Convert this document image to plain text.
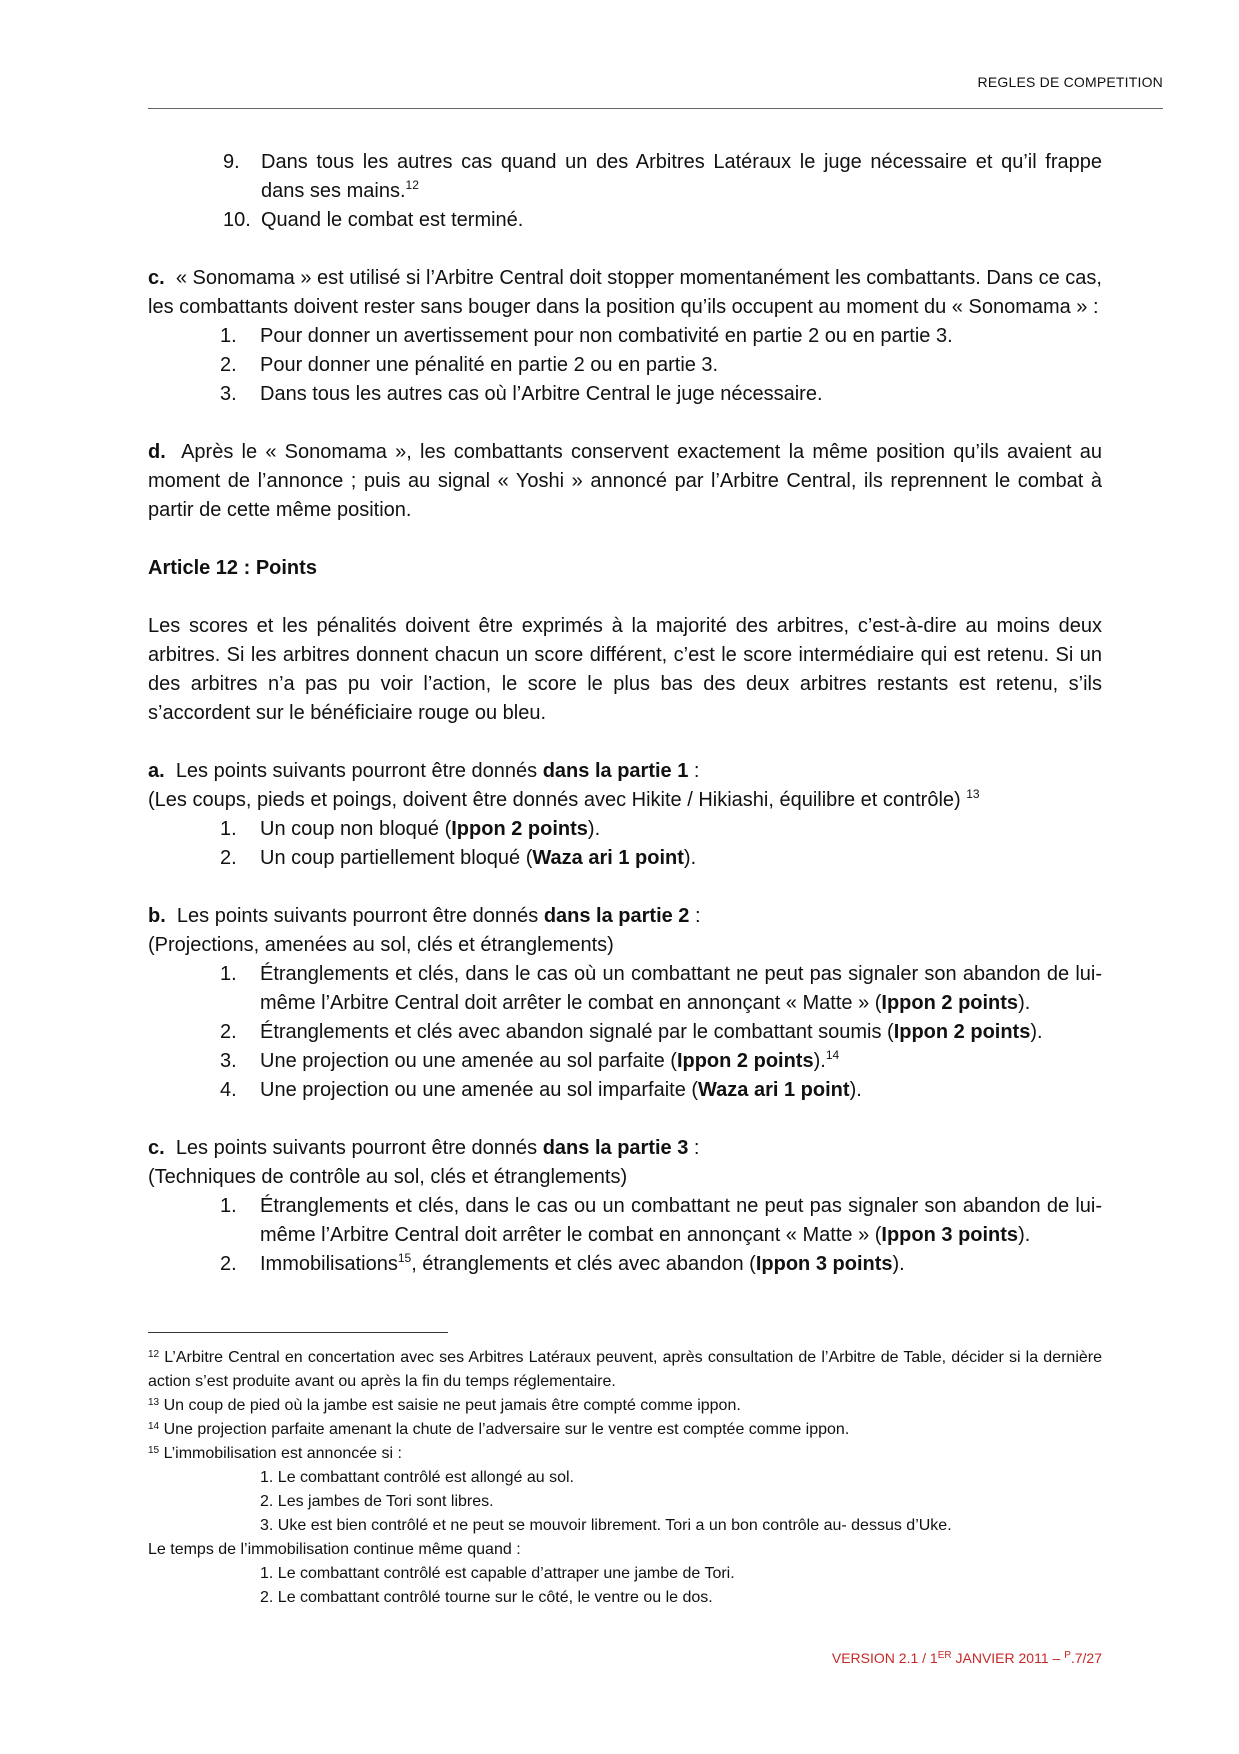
REGLES DE COMPETITION
9.	Dans tous les autres cas quand un des Arbitres Latéraux le juge nécessaire et qu’il frappe dans ses mains.$^{12}$
10. Quand le combat est terminé.

c. « Sonomama » est utilisé si l’Arbitre Central doit stopper momentanément les combattants. Dans ce cas, les combattants doivent rester sans bouger dans la position qu’ils occupent au moment du « Sonomama » :

1.	Pour donner un avertissement pour non combativité en partie 2 ou en partie 3.
2.	Pour donner une pénalité en partie 2 ou en partie 3.
3.	Dans tous les autres cas où l’Arbitre Central le juge nécessaire.

d. Après le « Sonomama », les combattants conservent exactement la même position qu’ils avaient au moment de l’annonce ; puis au signal « Yoshi » annoncé par l’Arbitre Central, ils reprennent le combat à partir de cette même position.

Article 12 : Points

Les scores et les pénalités doivent être exprimés à la majorité des arbitres, c’est-à-dire au moins deux arbitres. Si les arbitres donnent chacun un score différent, c’est le score intermédiaire qui est retenu. Si un des arbitres n’a pas pu voir l’action, le score le plus bas des deux arbitres restants est retenu, s’ils s’accordent sur le bénéficiaire rouge ou bleu.

a. Les points suivants pourront être donnés dans la partie 1 :

(Les coups, pieds et poings, doivent être donnés avec Hikite / Hikiashi, équilibre et contrôle) $^{13}$

1.	Un coup non bloqué (Ippon 2 points).
2.	Un coup partiellement bloqué (Waza ari 1 point).

b. Les points suivants pourront être donnés dans la partie 2 :

(Projections, amenées au sol, clés et étranglements)

1.	Étranglements et clés, dans le cas où un combattant ne peut pas signaler son abandon de lui-même l’Arbitre Central doit arrêter le combat en annonçant « Matte » (Ippon 2 points).
2.	Étranglements et clés avec abandon signalé par le combattant soumis (Ippon 2 points).
3.	Une projection ou une amenée au sol parfaite (Ippon 2 points).$^{14}$
4.	Une projection ou une amenée au sol imparfaite (Waza ari 1 point).

c. Les points suivants pourront être donnés dans la partie 3 :

(Techniques de contrôle au sol, clés et étranglements)

1.	Étranglements et clés, dans le cas ou un combattant ne peut pas signaler son abandon de lui-même l’Arbitre Central doit arrêter le combat en annonçant « Matte » (Ippon 3 points).
2.	Immobilisations$^{15}$, étranglements et clés avec abandon (Ippon 3 points).

$^{12}$ L’Arbitre Central en concertation avec ses Arbitres Latéraux peuvent, après consultation de l’Arbitre de Table, décider si la dernière action s’est produite avant ou après la fin du temps réglementaire.

$^{13}$ Un coup de pied où la jambe est saisie ne peut jamais être compté comme ippon.

$^{14}$ Une projection parfaite amenant la chute de l’adversaire sur le ventre est comptée comme ippon.

$^{15}$ L’immobilisation est annoncée si :

1. Le combattant contrôlé est allongé au sol.

2. Les jambes de Tori sont libres.

3. Uke est bien contrôlé et ne peut se mouvoir librement. Tori a un bon contrôle au- dessus d’Uke.

Le temps de l’immobilisation continue même quand :

1. Le combattant contrôlé est capable d’attraper une jambe de Tori.

2. Le combattant contrôlé tourne sur le côté, le ventre ou le dos.

VERSION 2.1 / 1ER JANVIER 2011 – $^P$.7/27
